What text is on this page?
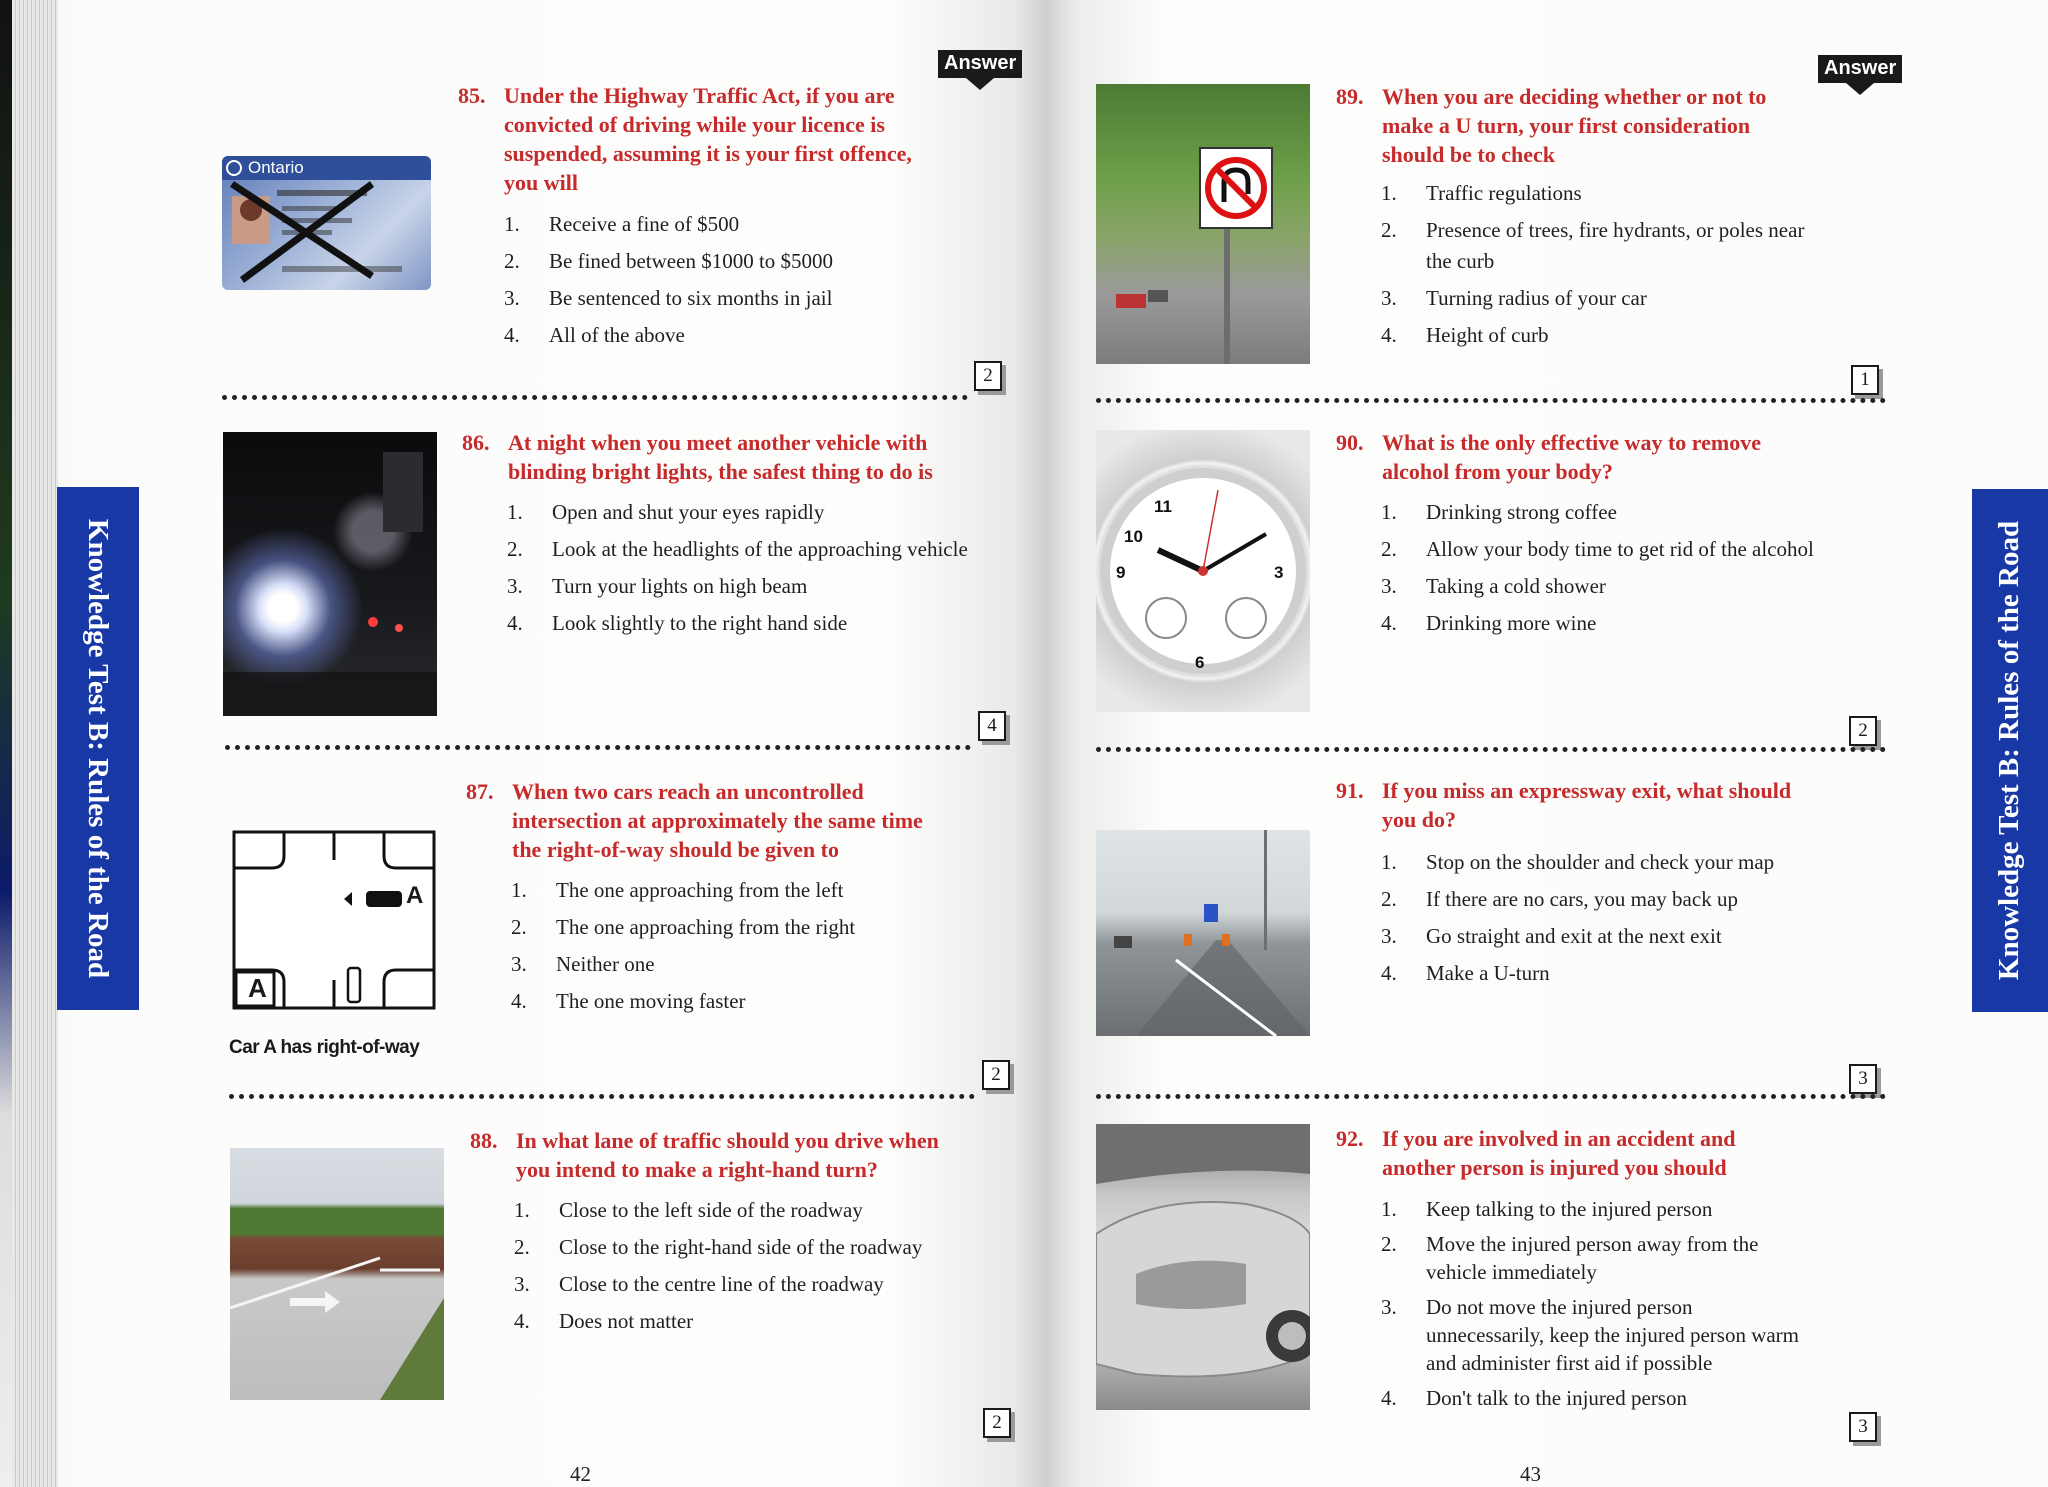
Knowledge Test B: Rules of the Road
Answer
Ontario
85. Under the Highway Traffic Act, if you are
convicted of driving while your licence is
suspended, assuming it is your first offence,
you will
1. Receive a fine of $500
2. Be fined between $1000 to $5000
3. Be sentenced to six months in jail
4. All of the above
2
86. At night when you meet another vehicle with
blinding bright lights, the safest thing to do is
1. Open and shut your eyes rapidly
2. Look at the headlights of the approaching vehicle
3. Turn your lights on high beam
4. Look slightly to the right hand side
4
A
A
Car A has right-of-way
87. When two cars reach an uncontrolled
intersection at approximately the same time
the right-of-way should be given to
1. The one approaching from the left
2. The one approaching from the right
3. Neither one
4. The one moving faster
2
88. In what lane of traffic should you drive when
you intend to make a right-hand turn?
1. Close to the left side of the roadway
2. Close to the right-hand side of the roadway
3. Close to the centre line of the roadway
4. Does not matter
2
42
Answer
89. When you are deciding whether or not to
make a U turn, your first consideration
should be to check
1. Traffic regulations
2. Presence of trees, fire hydrants, or poles near
the curb
3. Turning radius of your car
4. Height of curb
1
11
10
9	3
6
90. What is the only effective way to remove
alcohol from your body?
1. Drinking strong coffee
2. Allow your body time to get rid of the alcohol
3. Taking a cold shower
4. Drinking more wine
2
91. If you miss an expressway exit, what should
you do?
1. Stop on the shoulder and check your map
2. If there are no cars, you may back up
3. Go straight and exit at the next exit
4. Make a U-turn
3
92. If you are involved in an accident and
another person is injured you should
1. Keep talking to the injured person
2. Move the injured person away from the
vehicle immediately
3. Do not move the injured person
unnecessarily, keep the injured person warm
and administer first aid if possible
4. Don't talk to the injured person
3
43
Knowledge Test B: Rules of the Road
